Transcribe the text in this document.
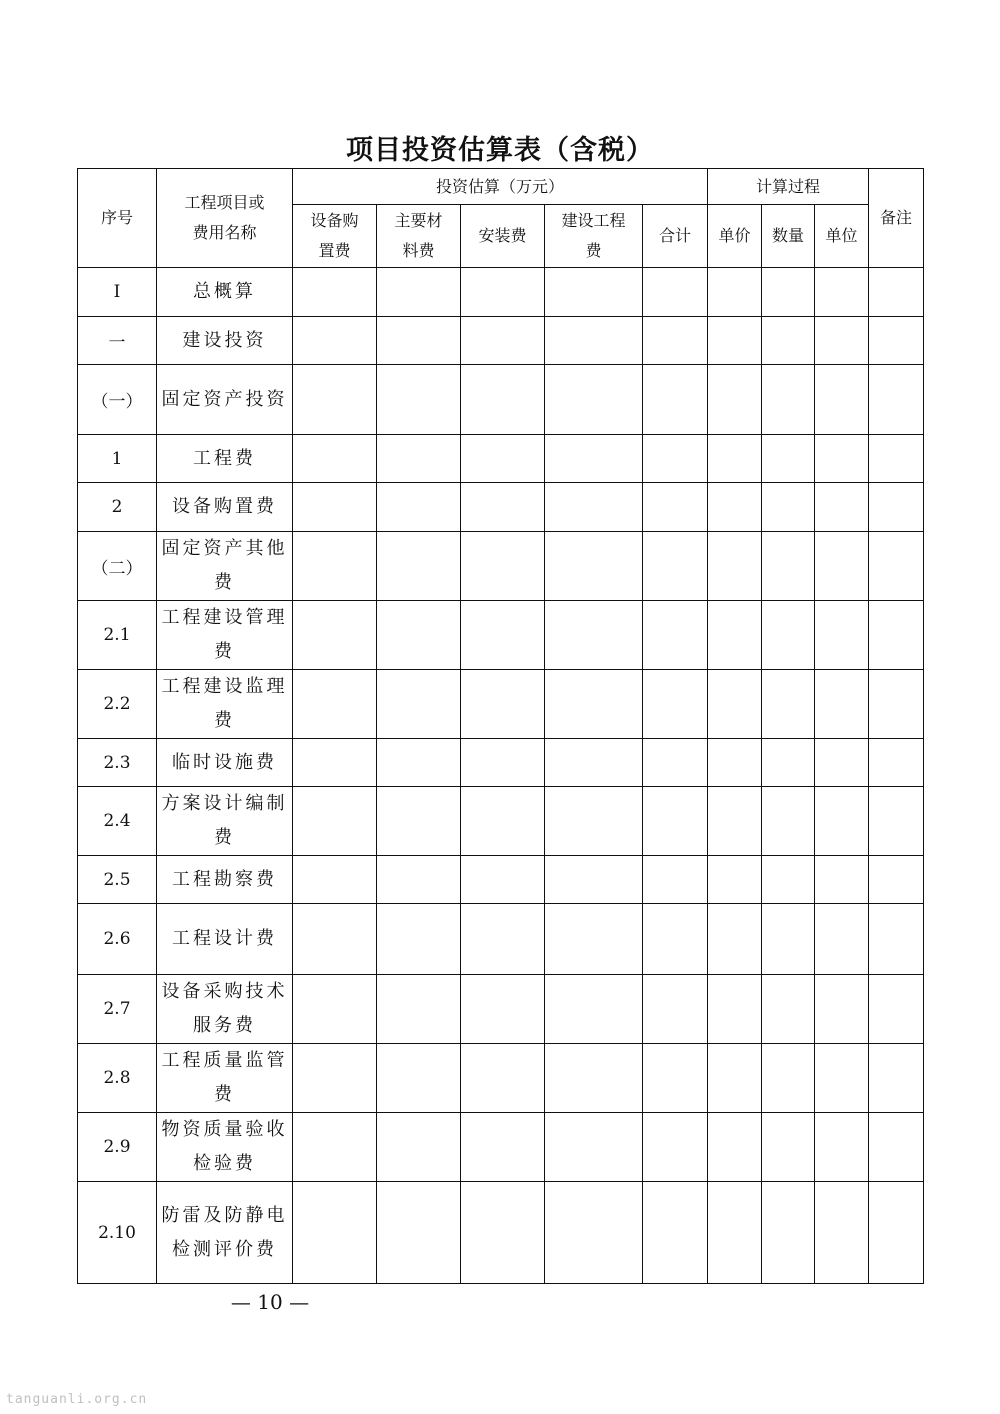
项目投资估算表（含税）
序号	工程项目或费用名称	投资估算（万元）					计算过程			备注
		设备购置费	主要材料费	安装费	建设工程费	合计	单价	数量	单位	
I	总概算									
一	建设投资									
（一）	固定资产投资									
1	工程费									
2	设备购置费									
（二）	固定资产其他费									
2.1	工程建设管理费									
2.2	工程建设监理费									
2.3	临时设施费									
2.4	方案设计编制费									
2.5	工程勘察费									
2.6	工程设计费									
2.7	设备采购技术服务费									
2.8	工程质量监管费									
2.9	物资质量验收检验费									
2.10	防雷及防静电检测评价费									
— 10 —
tanguanli.org.cn
